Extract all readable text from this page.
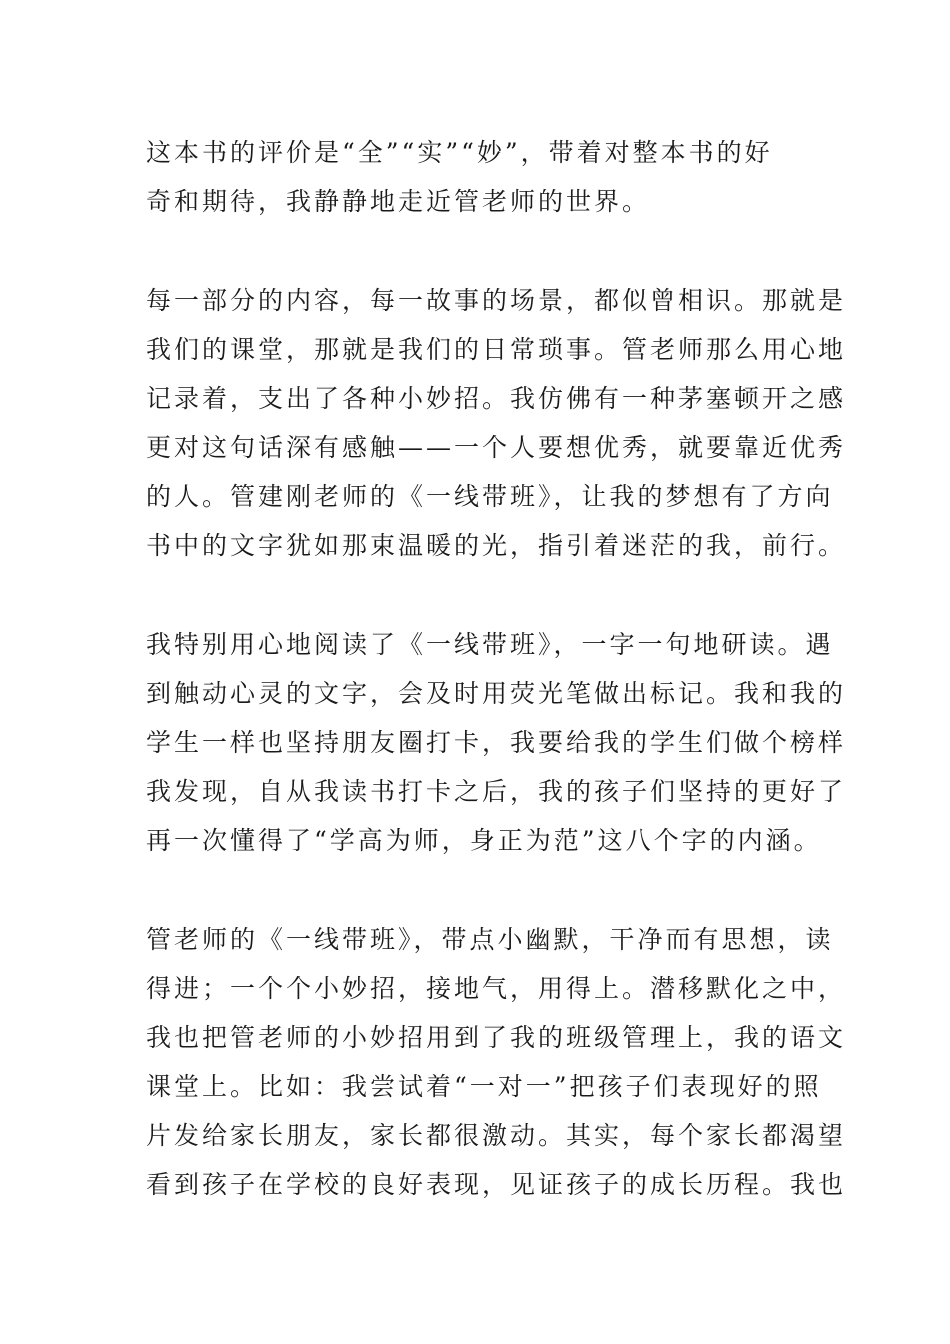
这本书的评价是“全”“实”“妙”，带着对整本书的好
奇和期待，我静静地走近管老师的世界。
每一部分的内容，每一故事的场景，都似曾相识。那就是
我们的课堂，那就是我们的日常琐事。管老师那么用心地
记录着，支出了各种小妙招。我仿佛有一种茅塞顿开之感
更对这句话深有感触——一个人要想优秀，就要靠近优秀
的人。管建刚老师的《一线带班》，让我的梦想有了方向
书中的文字犹如那束温暖的光，指引着迷茫的我，前行。
我特别用心地阅读了《一线带班》，一字一句地研读。遇
到触动心灵的文字，会及时用荧光笔做出标记。我和我的
学生一样也坚持朋友圈打卡，我要给我的学生们做个榜样
我发现，自从我读书打卡之后，我的孩子们坚持的更好了
再一次懂得了“学高为师，身正为范”这八个字的内涵。
管老师的《一线带班》，带点小幽默，干净而有思想，读
得进；一个个小妙招，接地气，用得上。潜移默化之中，
我也把管老师的小妙招用到了我的班级管理上，我的语文
课堂上。比如：我尝试着“一对一”把孩子们表现好的照
片发给家长朋友，家长都很激动。其实，每个家长都渴望
看到孩子在学校的良好表现，见证孩子的成长历程。我也
